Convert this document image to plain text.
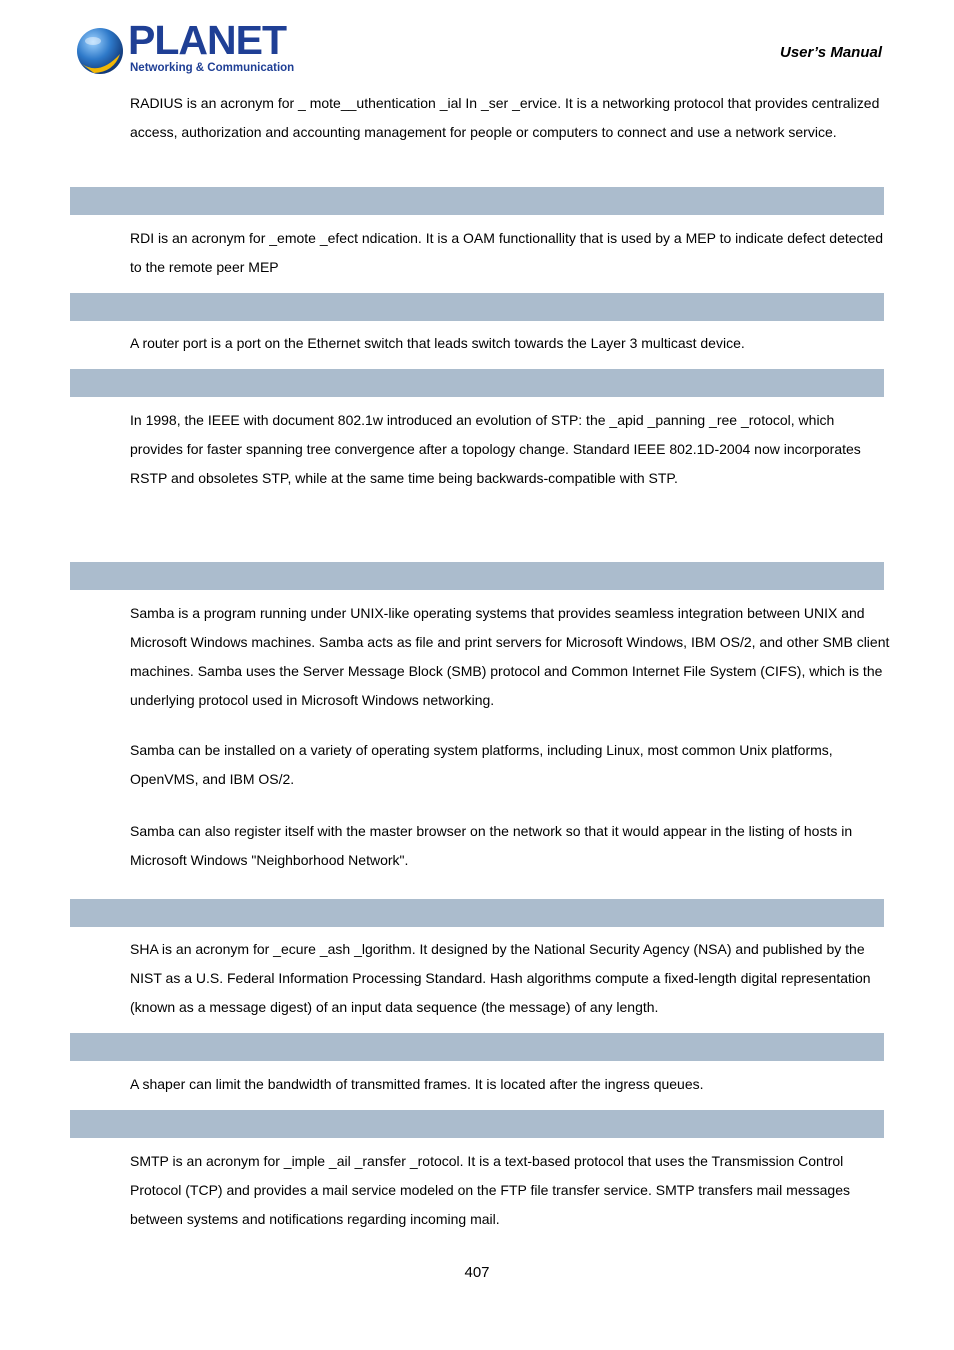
PLANET
Networking & Communication
User’s Manual

RADIUS is an acronym for _ mote__uthentication _ial In _ser _ervice. It is a networking protocol that provides centralized access, authorization and accounting management for people or computers to connect and use a network service.

RDI is an acronym for _emote _efect ndication. It is a OAM functionallity that is used by a MEP to indicate defect detected to the remote peer MEP

A router port is a port on the Ethernet switch that leads switch towards the Layer 3 multicast device.

In 1998, the IEEE with document 802.1w introduced an evolution of STP: the _apid _panning _ree _rotocol, which provides for faster spanning tree convergence after a topology change. Standard IEEE 802.1D-2004 now incorporates RSTP and obsoletes STP, while at the same time being backwards-compatible with STP.

Samba is a program running under UNIX-like operating systems that provides seamless integration between UNIX and Microsoft Windows machines. Samba acts as file and print servers for Microsoft Windows, IBM OS/2, and other SMB client machines. Samba uses the Server Message Block (SMB) protocol and Common Internet File System (CIFS), which is the underlying protocol used in Microsoft Windows networking.

Samba can be installed on a variety of operating system platforms, including Linux, most common Unix platforms, OpenVMS, and IBM OS/2.

Samba can also register itself with the master browser on the network so that it would appear in the listing of hosts in Microsoft Windows "Neighborhood Network".

SHA is an acronym for _ecure _ash _lgorithm. It designed by the National Security Agency (NSA) and published by the NIST as a U.S. Federal Information Processing Standard. Hash algorithms compute a fixed-length digital representation (known as a message digest) of an input data sequence (the message) of any length.

A shaper can limit the bandwidth of transmitted frames. It is located after the ingress queues.

SMTP is an acronym for _imple _ail _ransfer _rotocol. It is a text-based protocol that uses the Transmission Control Protocol (TCP) and provides a mail service modeled on the FTP file transfer service. SMTP transfers mail messages between systems and notifications regarding incoming mail.

407
